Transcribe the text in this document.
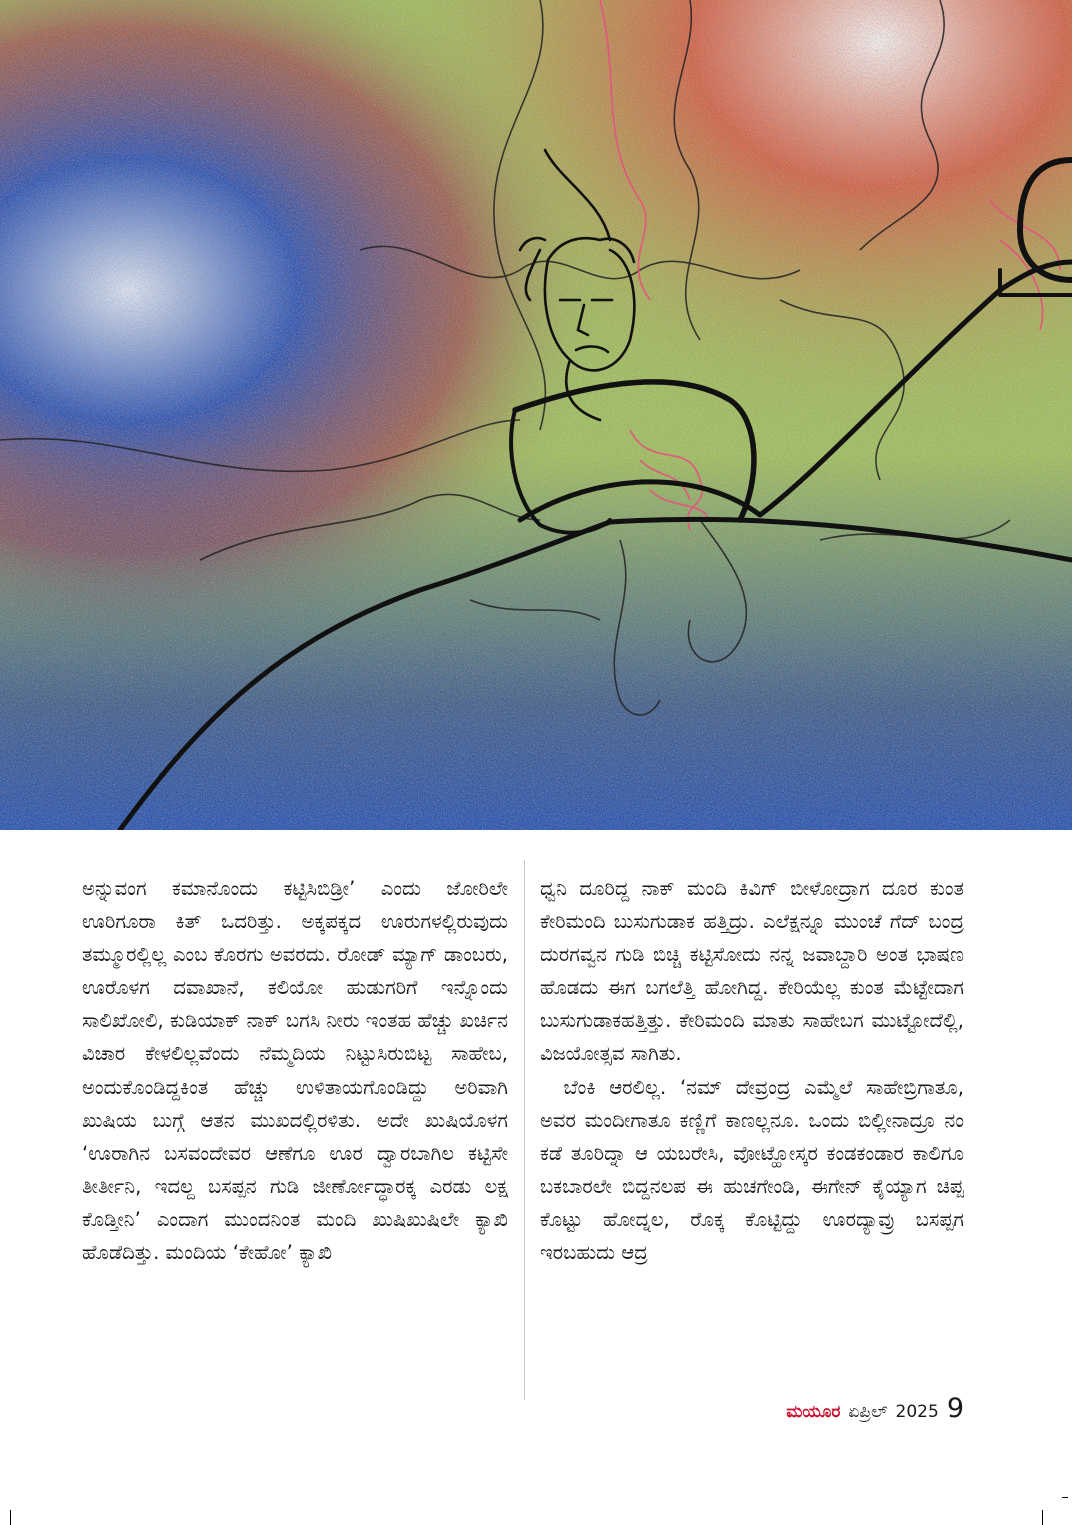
ಅನ್ನುವಂಗ ಕಮಾನೊಂದು ಕಟ್ಟಿಸಿಬಿಡ್ರೀ’ ಎಂದು ಜೋರಿಲೇ ಊರಿಗೂರಾ ಕಿತ್ ಒದರಿತ್ತು. ಅಕ್ಕಪಕ್ಕದ ಊರುಗಳಲ್ಲಿರುವುದು ತಮ್ಮೂರಲ್ಲಿಲ್ಲ ಎಂಬ ಕೊರಗು ಅವರದು. ರೋಡ್ ಮ್ಯಾಗ್ ಡಾಂಬರು, ಊರೊಳಗ ದವಾಖಾನೆ, ಕಲಿಯೋ ಹುಡುಗರಿಗೆ ಇನ್ನೊಂದು ಸಾಲಿಖೋಲಿ, ಕುಡಿಯಾಕ್ ನಾಕ್ ಬಗಸಿ ನೀರು ಇಂತಹ ಹೆಚ್ಚು ಖರ್ಚಿನ ವಿಚಾರ ಕೇಳಲಿಲ್ಲವೆಂದು ನೆಮ್ಮದಿಯ ನಿಟ್ಟುಸಿರುಬಿಟ್ಟ ಸಾಹೇಬ, ಅಂದುಕೊಂಡಿದ್ದಕಿಂತ ಹೆಚ್ಚು ಉಳಿತಾಯಗೊಂಡಿದ್ದು ಅರಿವಾಗಿ ಖುಷಿಯ ಬುಗ್ಗೆ ಆತನ ಮುಖದಲ್ಲಿರಳಿತು. ಅದೇ ಖುಷಿಯೊಳಗ ‘ಊರಾಗಿನ ಬಸವಂದೇವರ ಆಣೆಗೂ ಊರ ದ್ವಾರಬಾಗಿಲ ಕಟ್ಟಿಸೇ ತೀರ್ತೀನಿ, ಇದಲ್ದ ಬಸಪ್ಪನ ಗುಡಿ ಜೀರ್ಣೋದ್ಧಾರಕ್ಕ ಎರಡು ಲಕ್ಷ ಕೊಡ್ತೀನಿ’ ಎಂದಾಗ ಮುಂದನಿಂತ ಮಂದಿ ಖುಷಿಖುಷಿಲೇ ಕ್ಯಾಖಿ ಹೊಡೆದಿತ್ತು. ಮಂದಿಯ ‘ಕೇಹೋ’ ಕ್ಯಾಖಿ

ಧ್ವನಿ ದೂರಿದ್ದ ನಾಕ್ ಮಂದಿ ಕಿವಿಗ್ ಬೀಳೋದ್ರಾಗ ದೂರ ಕುಂತ ಕೇರಿಮಂದಿ ಬುಸುಗುಡಾಕ ಹತ್ತಿದ್ರು. ಎಲೆಕ್ಷನ್ನೂ ಮುಂಚೆ ಗೆದ್ ಬಂದ್ರ ದುರಗವ್ವನ ಗುಡಿ ಬಿಚ್ಚಿ ಕಟ್ಟಿಸೋದು ನನ್ನ ಜವಾಬ್ದಾರಿ ಅಂತ ಭಾಷಣ ಹೊಡದು ಈಗ ಬಗಲೆತ್ತಿ ಹೋಗಿದ್ದ. ಕೇರಿಯೆಲ್ಲ ಕುಂತ ಮೆಟ್ಟೇದಾಗ ಬುಸುಗುಡಾಕಹತ್ತಿತ್ತು. ಕೇರಿಮಂದಿ ಮಾತು ಸಾಹೇಬಗ ಮುಟ್ಟೋದೆಲ್ಲಿ, ವಿಜಯೋತ್ಸವ ಸಾಗಿತು.

ಬೆಂಕಿ ಆರಲಿಲ್ಲ. ‘ನಮ್ ದೇವ್ರಂದ್ರ ಎಮ್ಮೆಲೆ ಸಾಹೇಬ್ರಿಗಾತೂ, ಅವರ ಮಂದೀಗಾತೂ ಕಣ್ಣಿಗೆ ಕಾಣಲ್ಲನೂ. ಒಂದು ಬಿಲ್ಲೀನಾದ್ರೂ ನಂ ಕಡೆ ತೂರಿದ್ನಾ ಆ ಯಬರೇಸಿ, ವೋಟ್ಹೋಸ್ಕರ ಕಂಡಕಂಡಾರ ಕಾಲಿಗೂ ಬಕಬಾರಲೇ ಬಿದ್ದನಲಪ ಈ ಹುಚಗೇಂಡಿ, ಈಗೇನ್ ಕೈಯ್ಯಾಗ ಚಿಪ್ಪ ಕೊಟ್ಟು ಹೋದ್ನಲ, ರೊಕ್ಕ ಕೊಟ್ಟಿದ್ದು ಊರದ್ಯಾವ್ರು ಬಸಪ್ಪಗ ಇರಬಹುದು ಆದ್ರ

ಮಯೂರ ಏಪ್ರಿಲ್ 2025 9
